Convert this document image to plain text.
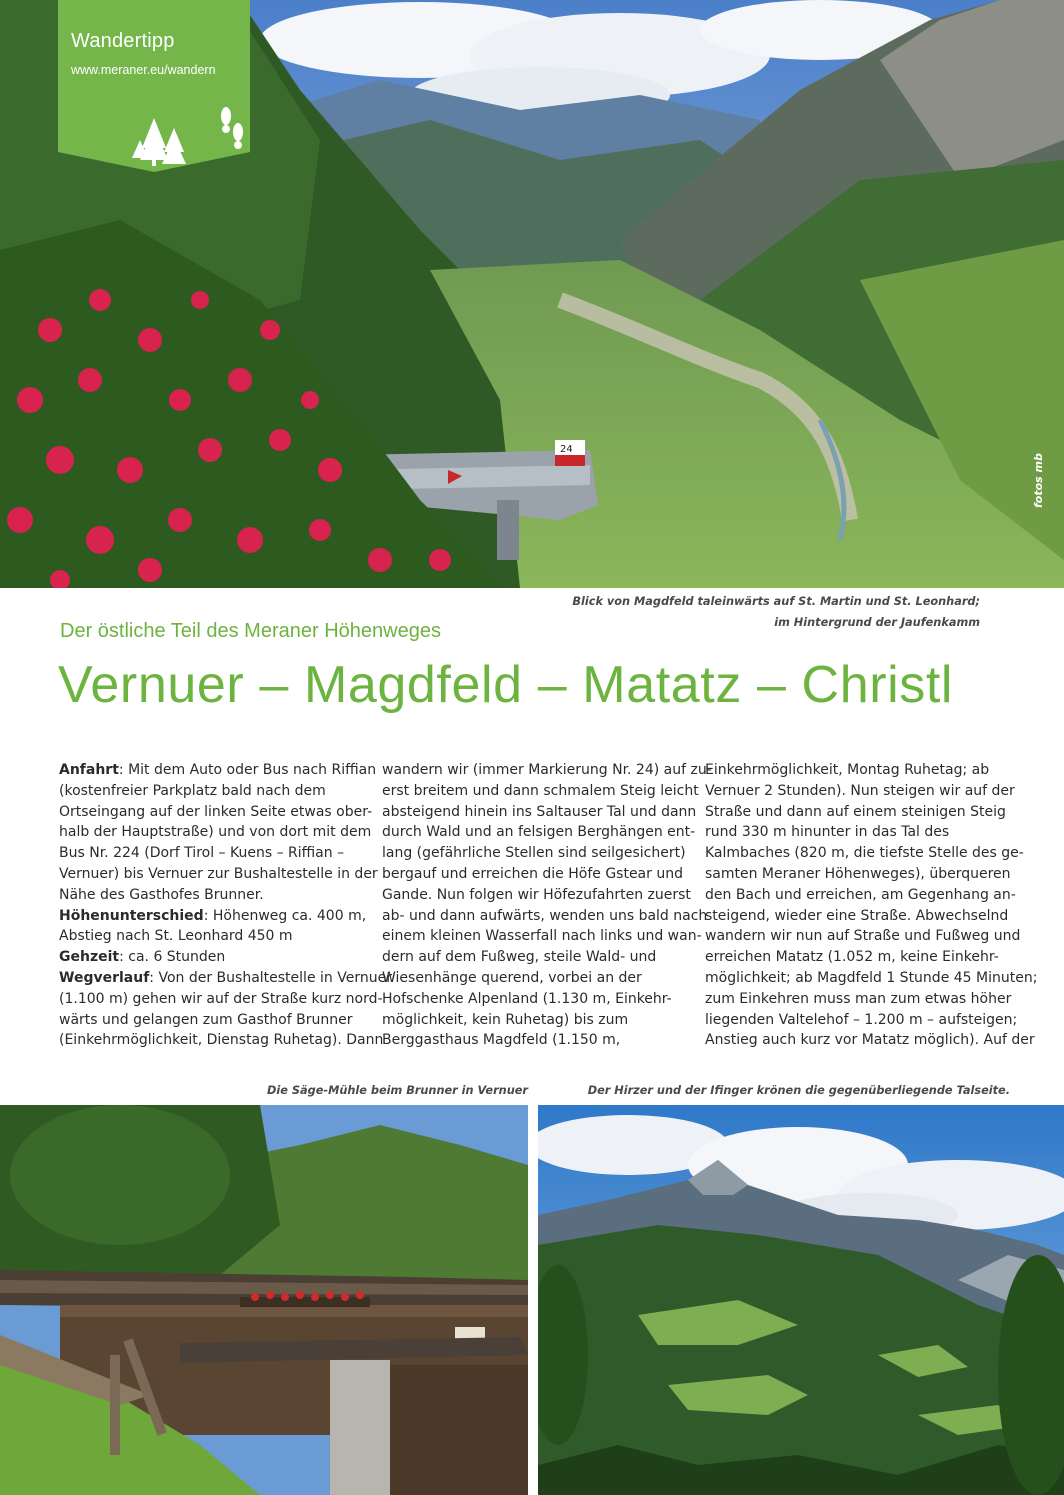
24
Wandertipp
www.meraner.eu/wandern
fotos mb
Blick von Magdfeld taleinwärts auf St. Martin und St. Leonhard;
im Hintergrund der Jaufenkamm
Der östliche Teil des Meraner Höhenweges
Vernuer – Magdfeld – Matatz – Christl
Anfahrt: Mit dem Auto oder Bus nach Riffian
(kostenfreier Parkplatz bald nach dem
Ortseingang auf der linken Seite etwas ober-
halb der Hauptstraße) und von dort mit dem
Bus Nr. 224 (Dorf Tirol – Kuens – Riffian –
Vernuer) bis Vernuer zur Bushaltestelle in der
Nähe des Gasthofes Brunner.
Höhenunterschied: Höhenweg ca. 400 m,
Abstieg nach St. Leonhard 450 m
Gehzeit: ca. 6 Stunden
Wegverlauf: Von der Bushaltestelle in Vernuer
(1.100 m) gehen wir auf der Straße kurz nord-
wärts und gelangen zum Gasthof Brunner
(Einkehrmöglichkeit, Dienstag Ruhetag). Dann
wandern wir (immer Markierung Nr. 24) auf zu-
erst breitem und dann schmalem Steig leicht
absteigend hinein ins Saltauser Tal und dann
durch Wald und an felsigen Berghängen ent-
lang (gefährliche Stellen sind seilgesichert)
bergauf und erreichen die Höfe Gstear und
Gande. Nun folgen wir Höfezufahrten zuerst
ab- und dann aufwärts, wenden uns bald nach
einem kleinen Wasserfall nach links und wan-
dern auf dem Fußweg, steile Wald- und
Wiesenhänge querend, vorbei an der
Hofschenke Alpenland (1.130 m, Einkehr-
möglichkeit, kein Ruhetag) bis zum
Berggasthaus Magdfeld (1.150 m,
Einkehrmöglichkeit, Montag Ruhetag; ab
Vernuer 2 Stunden). Nun steigen wir auf der
Straße und dann auf einem steinigen Steig
rund 330 m hinunter in das Tal des
Kalmbaches (820 m, die tiefste Stelle des ge-
samten Meraner Höhenweges), überqueren
den Bach und erreichen, am Gegenhang an-
steigend, wieder eine Straße. Abwechselnd
wandern wir nun auf Straße und Fußweg und
erreichen Matatz (1.052 m, keine Einkehr-
möglichkeit; ab Magdfeld 1 Stunde 45 Minuten;
zum Einkehren muss man zum etwas höher
liegenden Valtelehof – 1.200 m – aufsteigen;
Anstieg auch kurz vor Matatz möglich). Auf der
Die Säge-Mühle beim Brunner in Vernuer	Der Hirzer und der Ifinger krönen die gegenüberliegende Talseite.
